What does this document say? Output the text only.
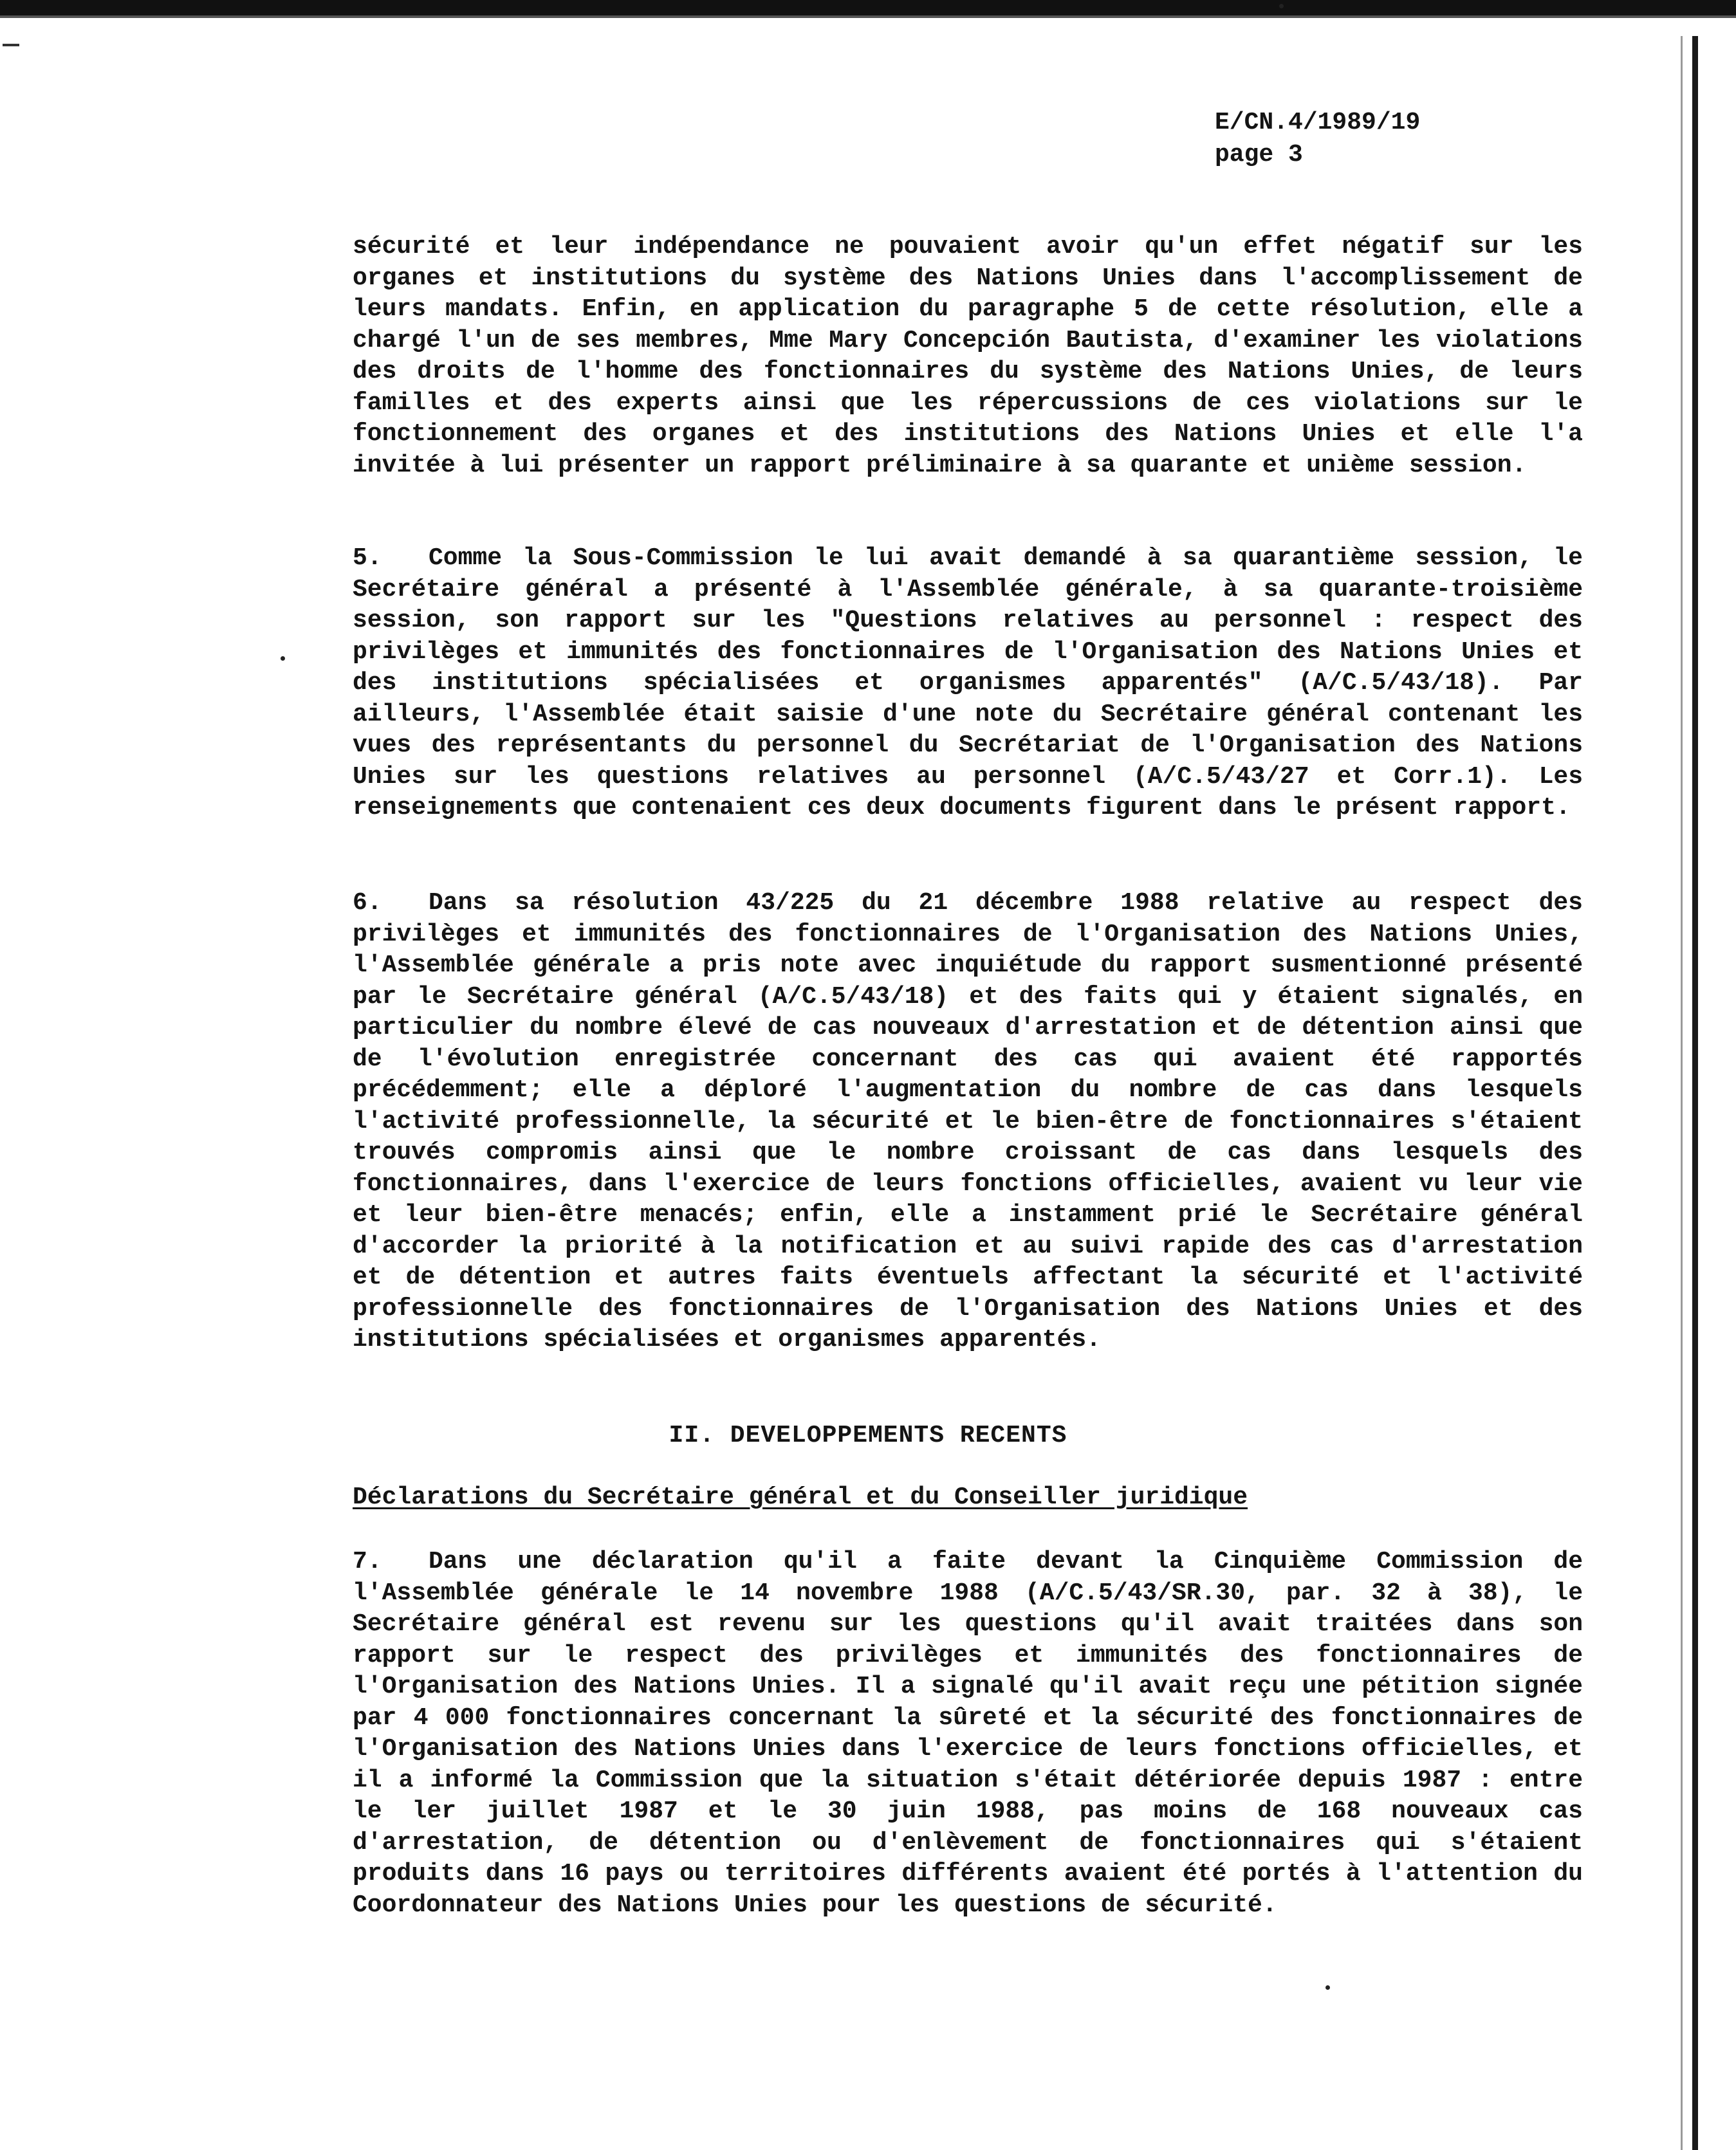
E/CN.4/1989/19
page 3

sécurité et leur indépendance ne pouvaient avoir qu'un effet négatif sur les organes et institutions du système des Nations Unies dans l'accomplissement de leurs mandats. Enfin, en application du paragraphe 5 de cette résolution, elle a chargé l'un de ses membres, Mme Mary Concepción Bautista, d'examiner les violations des droits de l'homme des fonctionnaires du système des Nations Unies, de leurs familles et des experts ainsi que les répercussions de ces violations sur le fonctionnement des organes et des institutions des Nations Unies et elle l'a invitée à lui présenter un rapport préliminaire à sa quarante et unième session.

5. Comme la Sous-Commission le lui avait demandé à sa quarantième session, le Secrétaire général a présenté à l'Assemblée générale, à sa quarante-troisième session, son rapport sur les "Questions relatives au personnel : respect des privilèges et immunités des fonctionnaires de l'Organisation des Nations Unies et des institutions spécialisées et organismes apparentés" (A/C.5/43/18). Par ailleurs, l'Assemblée était saisie d'une note du Secrétaire général contenant les vues des représentants du personnel du Secrétariat de l'Organisation des Nations Unies sur les questions relatives au personnel (A/C.5/43/27 et Corr.1). Les renseignements que contenaient ces deux documents figurent dans le présent rapport.

6. Dans sa résolution 43/225 du 21 décembre 1988 relative au respect des privilèges et immunités des fonctionnaires de l'Organisation des Nations Unies, l'Assemblée générale a pris note avec inquiétude du rapport susmentionné présenté par le Secrétaire général (A/C.5/43/18) et des faits qui y étaient signalés, en particulier du nombre élevé de cas nouveaux d'arrestation et de détention ainsi que de l'évolution enregistrée concernant des cas qui avaient été rapportés précédemment; elle a déploré l'augmentation du nombre de cas dans lesquels l'activité professionnelle, la sécurité et le bien-être de fonctionnaires s'étaient trouvés compromis ainsi que le nombre croissant de cas dans lesquels des fonctionnaires, dans l'exercice de leurs fonctions officielles, avaient vu leur vie et leur bien-être menacés; enfin, elle a instamment prié le Secrétaire général d'accorder la priorité à la notification et au suivi rapide des cas d'arrestation et de détention et autres faits éventuels affectant la sécurité et l'activité professionnelle des fonctionnaires de l'Organisation des Nations Unies et des institutions spécialisées et organismes apparentés.

II. DEVELOPPEMENTS RECENTS
Déclarations du Secrétaire général et du Conseiller juridique

7. Dans une déclaration qu'il a faite devant la Cinquième Commission de l'Assemblée générale le 14 novembre 1988 (A/C.5/43/SR.30, par. 32 à 38), le Secrétaire général est revenu sur les questions qu'il avait traitées dans son rapport sur le respect des privilèges et immunités des fonctionnaires de l'Organisation des Nations Unies. Il a signalé qu'il avait reçu une pétition signée par 4 000 fonctionnaires concernant la sûreté et la sécurité des fonctionnaires de l'Organisation des Nations Unies dans l'exercice de leurs fonctions officielles, et il a informé la Commission que la situation s'était détériorée depuis 1987 : entre le ler juillet 1987 et le 30 juin 1988, pas moins de 168 nouveaux cas d'arrestation, de détention ou d'enlèvement de fonctionnaires qui s'étaient produits dans 16 pays ou territoires différents avaient été portés à l'attention du Coordonnateur des Nations Unies pour les questions de sécurité.
